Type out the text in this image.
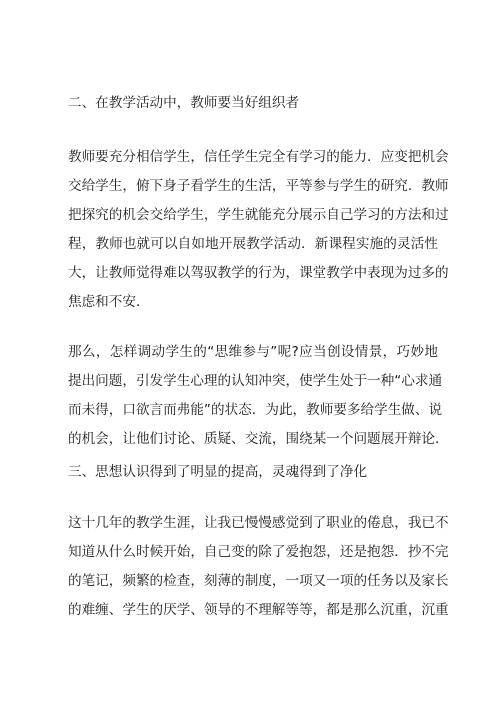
二、在教学活动中，教师要当好组织者
教师要充分相信学生，信任学生完全有学习的能力．应变把机会
交给学生，俯下身子看学生的生活，平等参与学生的研究．教师
把探究的机会交给学生，学生就能充分展示自己学习的方法和过
程，教师也就可以自如地开展教学活动．新课程实施的灵活性
大，让教师觉得难以驾驭教学的行为，课堂教学中表现为过多的
焦虑和不安．
那么，怎样调动学生的“思维参与”呢?应当创设情景，巧妙地
提出问题，引发学生心理的认知冲突，使学生处于一种“心求通
而未得，口欲言而弗能”的状态．为此，教师要多给学生做、说
的机会，让他们讨论、质疑、交流，围绕某一个问题展开辩论．
三、思想认识得到了明显的提高，灵魂得到了净化
这十几年的教学生涯，让我已慢慢感觉到了职业的倦息，我已不
知道从什么时候开始，自己变的除了爱抱怨，还是抱怨．抄不完
的笔记，频繁的检查，刻薄的制度，一项又一项的任务以及家长
的难缠、学生的厌学、领导的不理解等等，都是那么沉重，沉重
